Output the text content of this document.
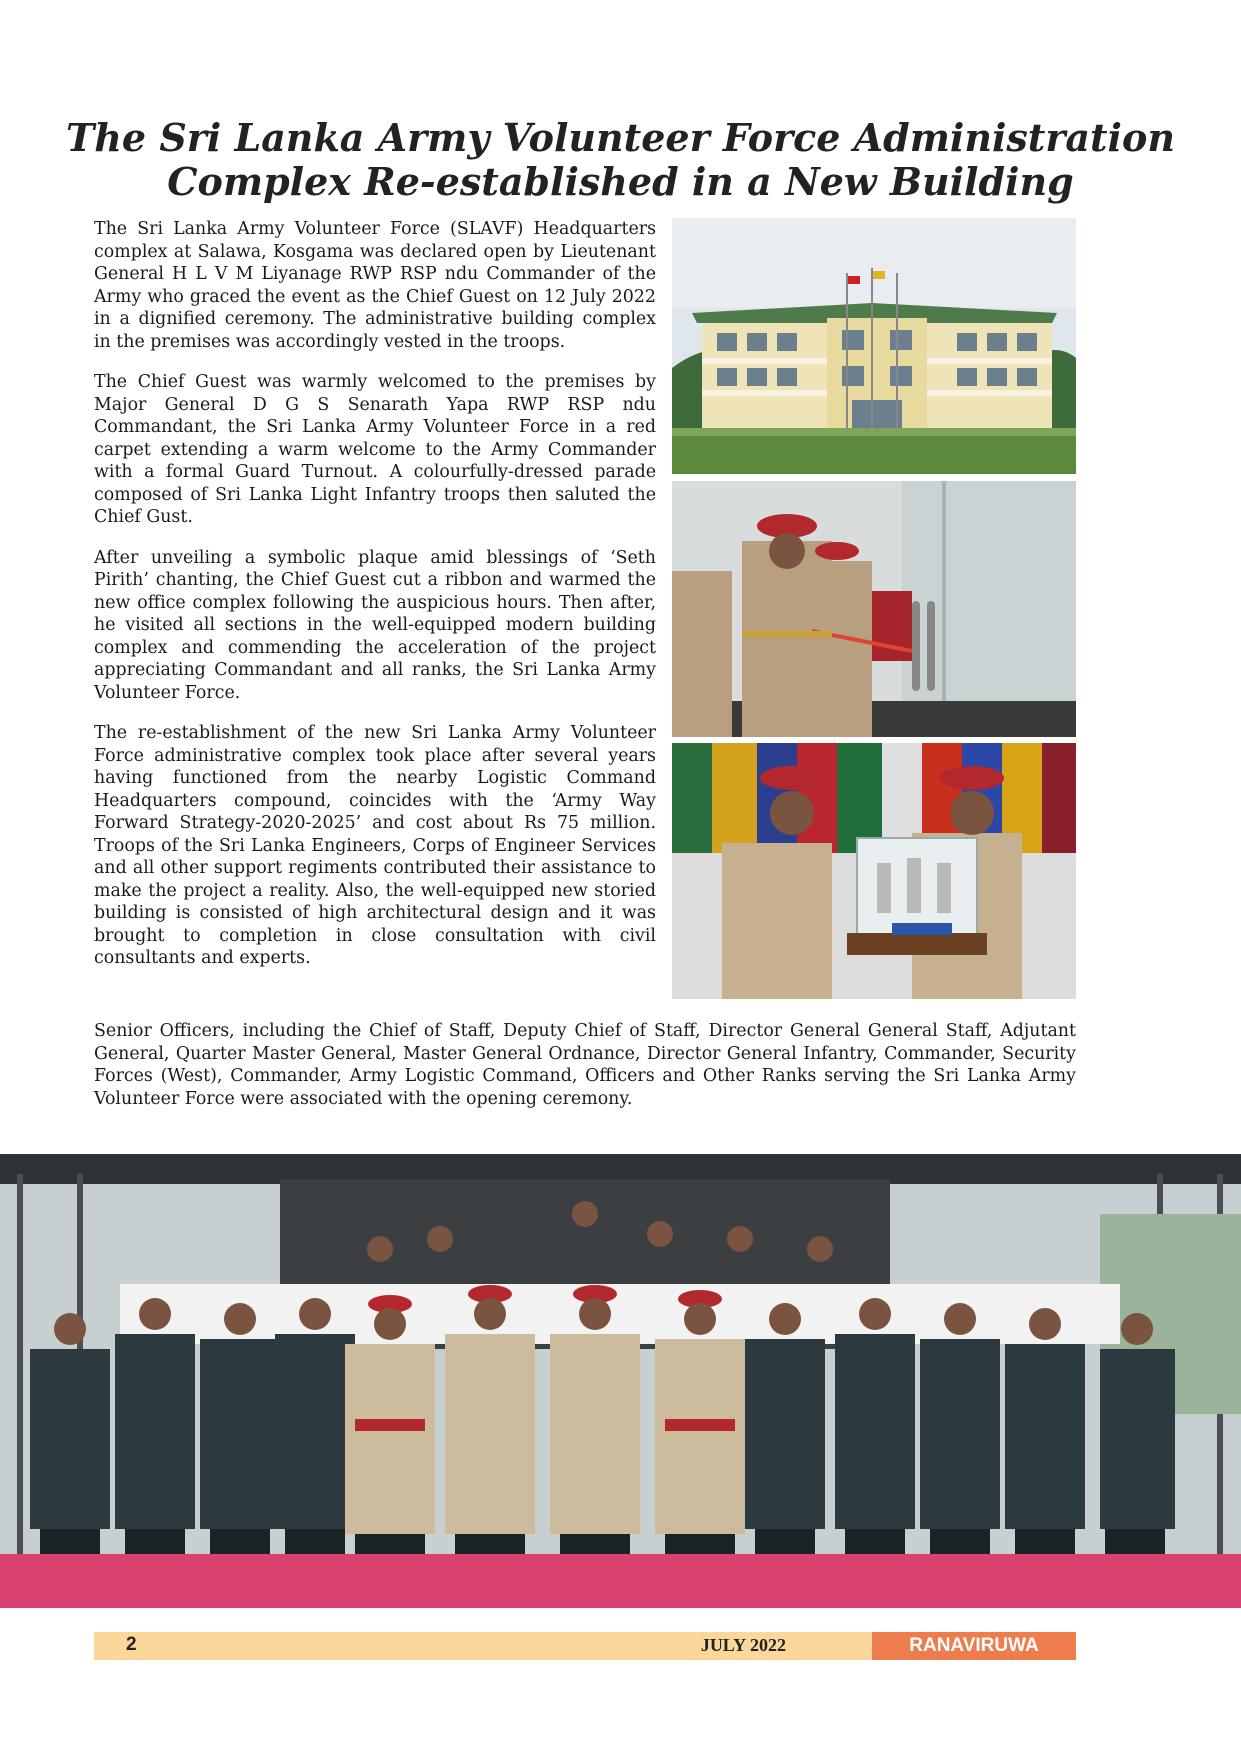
The Sri Lanka Army Volunteer Force Administration
Complex Re-established in a New Building

The Sri Lanka Army Volunteer Force (SLAVF) Headquarters complex at Salawa, Kosgama was declared open by Lieutenant General H L V M Liyanage RWP RSP ndu Commander of the Army who graced the event as the Chief Guest on 12 July 2022 in a dignified ceremony. The administrative building complex in the premises was accordingly vested in the troops.

The Chief Guest was warmly welcomed to the premises by Major General D G S Senarath Yapa RWP RSP ndu Commandant, the Sri Lanka Army Volunteer Force in a red carpet extending a warm welcome to the Army Commander with a formal Guard Turnout. A colourfully-dressed parade composed of Sri Lanka Light Infantry troops then saluted the Chief Gust.

After unveiling a symbolic plaque amid blessings of ‘Seth Pirith’ chanting, the Chief Guest cut a ribbon and warmed the new office complex following the auspicious hours. Then after, he visited all sections in the well-equipped modern building complex and commending the acceleration of the project appreciating Commandant and all ranks, the Sri Lanka Army Volunteer Force.

The re-establishment of the new Sri Lanka Army Volunteer Force administrative complex took place after several years having functioned from the nearby Logistic Command Headquarters compound, coincides with the ‘Army Way Forward Strategy-2020-2025’ and cost about Rs 75 million. Troops of the Sri Lanka Engineers, Corps of Engineer Services and all other support regiments contributed their assistance to make the project a reality. Also, the well-equipped new storied building is consisted of high architectural design and it was brought to completion in close consultation with civil consultants and experts.

Senior Officers, including the Chief of Staff, Deputy Chief of Staff, Director General General Staff, Adjutant General, Quarter Master General, Master General Ordnance, Director General Infantry, Commander, Security Forces (West), Commander, Army Logistic Command, Officers and Other Ranks serving the Sri Lanka Army Volunteer Force were associated with the opening ceremony.

2	JULY 2022	RANAVIRUWA
